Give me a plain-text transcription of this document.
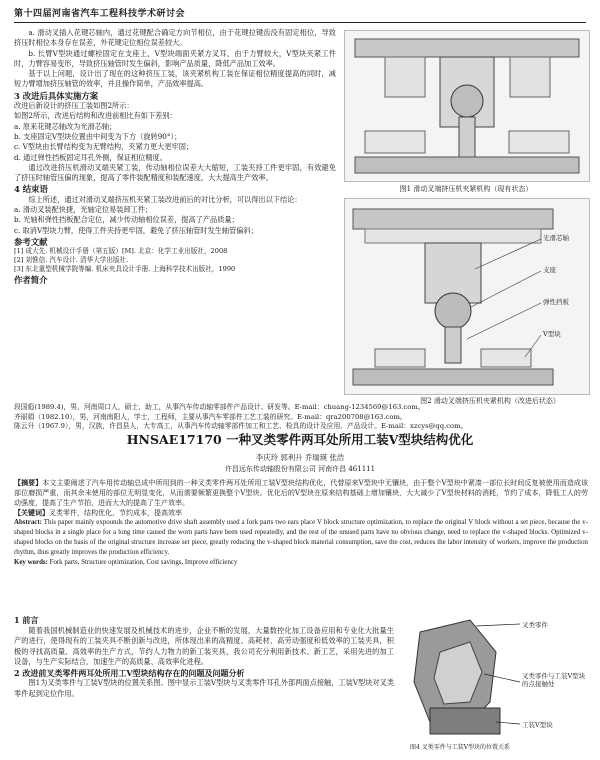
第十四届河南省汽车工程科技学术研讨会

a. 滑动叉插入花键芯轴内，通过花键配合确定方向节相位，由于花键拉键齿没有固定相位，导致挤压时相位本身存在误差，外花键定位相位误差较大。

b. 长臂V型块通过螺栓固定在支座上，V型块端面夹紧方叉耳，由于力臂较大，V型块夹紧工件时，力臂容易变形，导致挤压轴管时发生偏斜，影响产品质量，降低产品加工效率。

基于以上问题，设计出了现在的这种挤压工装，该夹紧机构工装在保证相位精度提高的同时，减短力臂增加挤压轴管的效率，并且操作简单，产品效率提高。

3 改进后具体实施方案

改进后新设计的挤压工装如图2所示：

如图2所示，改进后结构和改进前相比有如下差别：

a. 原来花键芯轴改为光滑芯轴；

b. 支座固定V型块位置由中间变为下方（旋转90°）；

c. V型块由长臂结构变为无臂结构，夹紧力更大更牢固；

d. 通过弹性挡板固定耳孔外侧，保证相位精度。

通过改进挤压机滑动叉端夹紧工装，传动轴相位误差大大缩短，工装夹持工件更牢固，有效避免了挤压时轴管压偏的现象，提高了零件装配精度和装配速度，大大提高生产效率。

4 结束语

综上所述，通过对滑动叉端挤压机夹紧工装改进前后的对比分析，可以得出以下结论：

a. 滑动叉装配快捷，光轴定位易装卸工件；

b. 光轴和弹性挡板配合定位，减少传动轴相位误差，提高了产品质量；

c. 取消V型块力臂，使得工件夹持更牢固，避免了挤压轴管时发生轴管偏斜；

参考文献

[1] 成大先. 机械设计手册（第五版）[M]. 北京：化学工业出版社，2008

[2] 刘惟信. 汽车设计. 清华大学出版社.

[3] 东北重型机械学院等编. 机床夹具设计手册. 上海科学技术出版社，1990

作者简介

图1 滑动叉端挤压机夹紧机构（现有状态）
光滑芯轴
支座
弹性挡板
V型块
图2 滑动叉端挤压机夹紧机构（改进后状态）

段国彪(1989.4)，男，河南周口人，硕士，助工，从事汽车传动轴零部件产品设计、研发等。E-mail：chuang-1234569@163.com。

齐丽娟（1982.10），男，河南南阳人，学士，工程师，主要从事汽车零部件工艺工装的研究。E-mail：qra200708@163.com。

陈云升（1967.9），男，汉族，许昌县人，大专高工，从事汽车传动轴零部件加工和工艺、检具的设计及应用、产品设计。E-mail：xzcys@qq.com。

HNSAE17170 一种叉类零件两耳处所用工装V型块结构优化
李庆玲 郭利升 乔瑞瑛 张浩
许昌远东传动轴股份有限公司 河南许昌 461111

【摘要】本文主要阐述了汽车用传动轴总成中所用到的一种叉类零件两耳处所用工装V型块结构优化，代替原来V型块中无镶块，由于整个V型块中紧凑一部位长时间反复被使用而造成该部位磨损严重，而其余未使用的部位无明显变化，从而需要频繁更换整个V型块。优化后的V型块在原来结构基础上增加镶块，大大减少了V型块材料的消耗，节约了成本，降低工人的劳动强度，提高了生产节拍，进而大大的提高了生产效率。

【关键词】叉类零件，结构优化，节约成本，提高效率

Abstract: This paper mainly expounds the automotive drive shaft assembly used a fork parts two ears place V block structure optimization, to replace the original V block without a set piece, because the v-shaped blocks in a single place for a long time caused the worn parts have been used repeatedly, and the rest of the unused parts have no obvious change, need to replace the v-shaped blocks. Optimized v-shaped blocks on the basis of the original structure increase set piece, greatly reducing the v-shaped block material consumption, save the cost, reduces the labor intensity of workers, improve the production rhythm, thus greatly improves the production efficiency.

Key words: Fork parts, Structure optimization, Cost savings, Improve efficiency

1 前言

随着我国机械制造业的快速发展及机械技术的进步，企业不断的发展，大量数控化加工设备应用和专业化大批量生产的进行，使得现有的工装夹具不断创新与改进，所体现出来的高精度、高耗材、高劳动强度和低效率的工装夹具，积极的寻找高质量、高效率的生产方式，节约人力物力的新工装夹具，我公司充分利用新技术、新工艺，采用先进的加工设备，与生产实际结合，加速生产的高质量、高效率化进程。

2 改进前叉类零件两耳处所用工V型块结构存在的问题及问题分析

图1为叉类零件与工装V型块的位置关系图。图中显示工装V型块与叉类零件耳孔外部两面点接触，工装V型块对叉类零件起到定位作用。

叉类零件
叉类零件与工装V型块的点接触处
工装V型块
图4 叉类零件与工装V型块的位置关系
